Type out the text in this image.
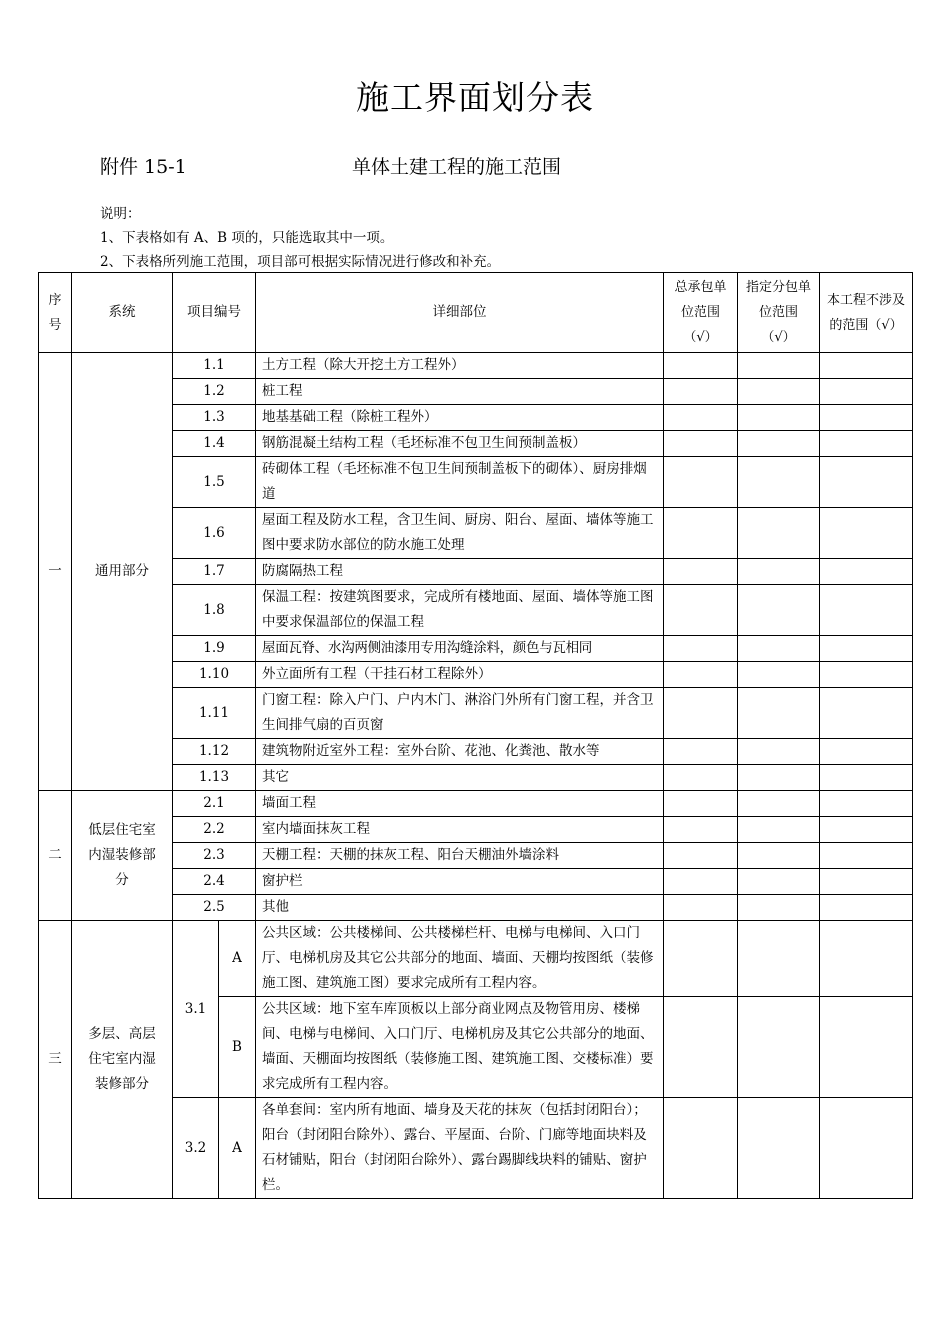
施工界面划分表
附件 15-1	单体土建工程的施工范围
说明：
1、下表格如有 A、B 项的，只能选取其中一项。
2、下表格所列施工范围，项目部可根据实际情况进行修改和补充。
序号	系统	项目编号		详细部位	总承包单位范围（√）	指定分包单位范围（√）	本工程不涉及的范围（√）
一	通用部分	1.1		土方工程（除大开挖土方工程外）			
		1.2		桩工程			
		1.3		地基基础工程（除桩工程外）			
		1.4		钢筋混凝土结构工程（毛坯标准不包卫生间预制盖板）			
		1.5		砖砌体工程（毛坯标准不包卫生间预制盖板下的砌体）、厨房排烟道			
		1.6		屋面工程及防水工程，含卫生间、厨房、阳台、屋面、墙体等施工图中要求防水部位的防水施工处理			
		1.7		防腐隔热工程			
		1.8		保温工程：按建筑图要求，完成所有楼地面、屋面、墙体等施工图中要求保温部位的保温工程			
		1.9		屋面瓦脊、水沟两侧油漆用专用沟缝涂料，颜色与瓦相同			
		1.10		外立面所有工程（干挂石材工程除外）			
		1.11		门窗工程：除入户门、户内木门、淋浴门外所有门窗工程，并含卫生间排气扇的百页窗			
		1.12		建筑物附近室外工程：室外台阶、花池、化粪池、散水等			
		1.13		其它			
二	低层住宅室内湿装修部分	2.1		墙面工程			
		2.2		室内墙面抹灰工程			
		2.3		天棚工程：天棚的抹灰工程、阳台天棚油外墙涂料			
		2.4		窗护栏			
		2.5		其他			
三	多层、高层住宅室内湿装修部分	3.1	A	公共区域：公共楼梯间、公共楼梯栏杆、电梯与电梯间、入口门厅、电梯机房及其它公共部分的地面、墙面、天棚均按图纸（装修施工图、建筑施工图）要求完成所有工程内容。			
			B	公共区域：地下室车库顶板以上部分商业网点及物管用房、楼梯间、电梯与电梯间、入口门厅、电梯机房及其它公共部分的地面、墙面、天棚面均按图纸（装修施工图、建筑施工图、交楼标准）要求完成所有工程内容。			
		3.2	A	各单套间：室内所有地面、墙身及天花的抹灰（包括封闭阳台）；阳台（封闭阳台除外）、露台、平屋面、台阶、门廊等地面块料及石材铺贴，阳台（封闭阳台除外）、露台踢脚线块料的铺贴、窗护栏。			
